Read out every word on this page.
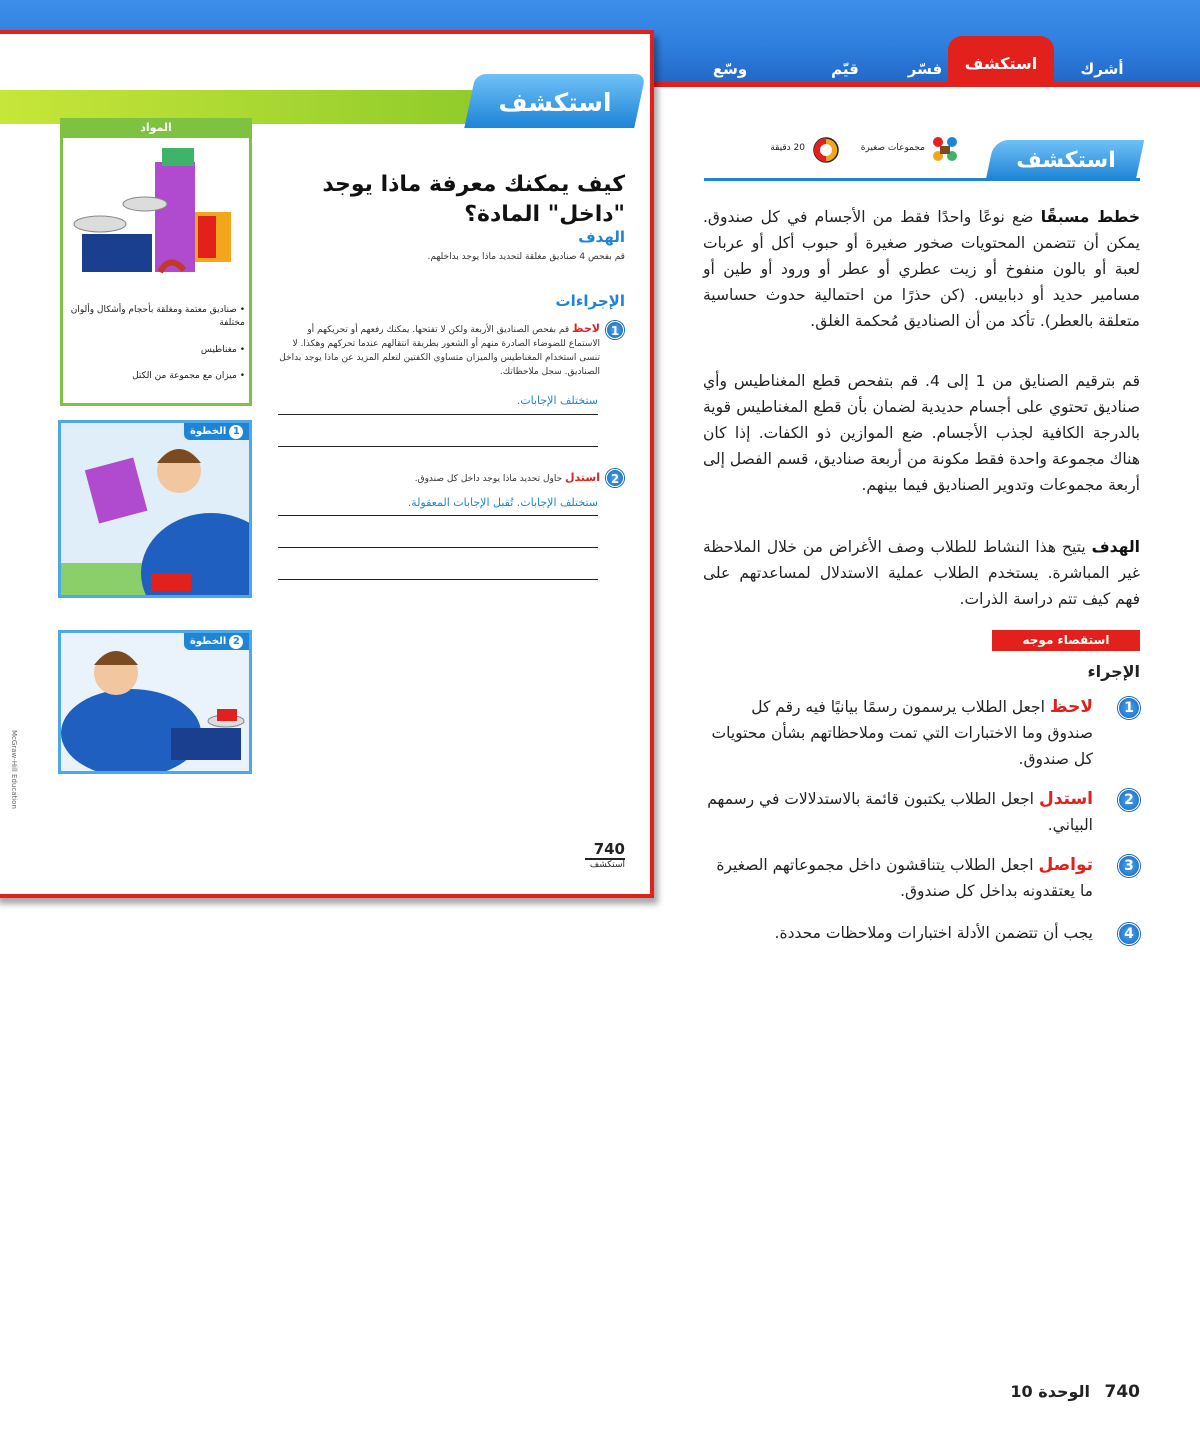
أشرك
استكشف
فسّر
قيّم
وسّع
استكشف
المواد
• صناديق معتمة ومغلقة بأحجام وأشكال وألوان مختلفة
• مغناطيس
• ميزان مع مجموعة من الكتل
1الخطوة
2الخطوة
McGraw-Hill Education
كيف يمكنك معرفة ماذا يوجد "داخل" المادة؟
الهدف
قم بفحص 4 صناديق مغلقة لتحديد ماذا يوجد بداخلهم.
الإجراءات
1
لاحظ قم بفحص الصناديق الأربعة ولكن لا تفتحها. يمكنك رفعهم أو تحريكهم أو الاستماع للضوضاء الصادرة منهم أو الشعور بطريقة انتقالهم عندما تحركهم وهكذا. لا تنسى استخدام المغناطيس والميزان متساوي الكفتين لتعلم المزيد عن ماذا يوجد بداخل الصناديق. سجل ملاحظاتك.
ستختلف الإجابات.
2
استدل حاول تحديد ماذا يوجد داخل كل صندوق.
ستختلف الإجابات. تُقبل الإجابات المعقولة.
740
استكشف
استكشف
مجموعات صغيرة
20 دقيقة
خطط مسبقًا ضع نوعًا واحدًا فقط من الأجسام في كل صندوق. يمكن أن تتضمن المحتويات صخور صغيرة أو حبوب أكل أو عربات لعبة أو بالون منفوخ أو زيت عطري أو عطر أو ورود أو طين أو مسامير حديد أو دبابيس. (كن حذرًا من احتمالية حدوث حساسية متعلقة بالعطر). تأكد من أن الصناديق مُحكمة الغلق.
قم بترقيم الصنايق من 1 إلى 4. قم بتفحص قطع المغناطيس وأي صناديق تحتوي على أجسام حديدية لضمان بأن قطع المغناطيس قوية بالدرجة الكافية لجذب الأجسام. ضع الموازين ذو الكفات. إذا كان هناك مجموعة واحدة فقط مكونة من أربعة صناديق، قسم الفصل إلى أربعة مجموعات وتدوير الصناديق فيما بينهم.
الهدف يتيح هذا النشاط للطلاب وصف الأغراض من خلال الملاحظة غير المباشرة. يستخدم الطلاب عملية الاستدلال لمساعدتهم على فهم كيف تتم دراسة الذرات.
استقصاء موجه
الإجراء
1
لاحظ اجعل الطلاب يرسمون رسمًا بيانيًا فيه رقم كل صندوق وما الاختبارات التي تمت وملاحظاتهم بشأن محتويات كل صندوق.
2
استدل اجعل الطلاب يكتبون قائمة بالاستدلالات في رسمهم البياني.
3
تواصل اجعل الطلاب يتناقشون داخل مجموعاتهم الصغيرة ما يعتقدونه بداخل كل صندوق.
4
يجب أن تتضمن الأدلة اختبارات وملاحظات محددة.
740
الوحدة 10
